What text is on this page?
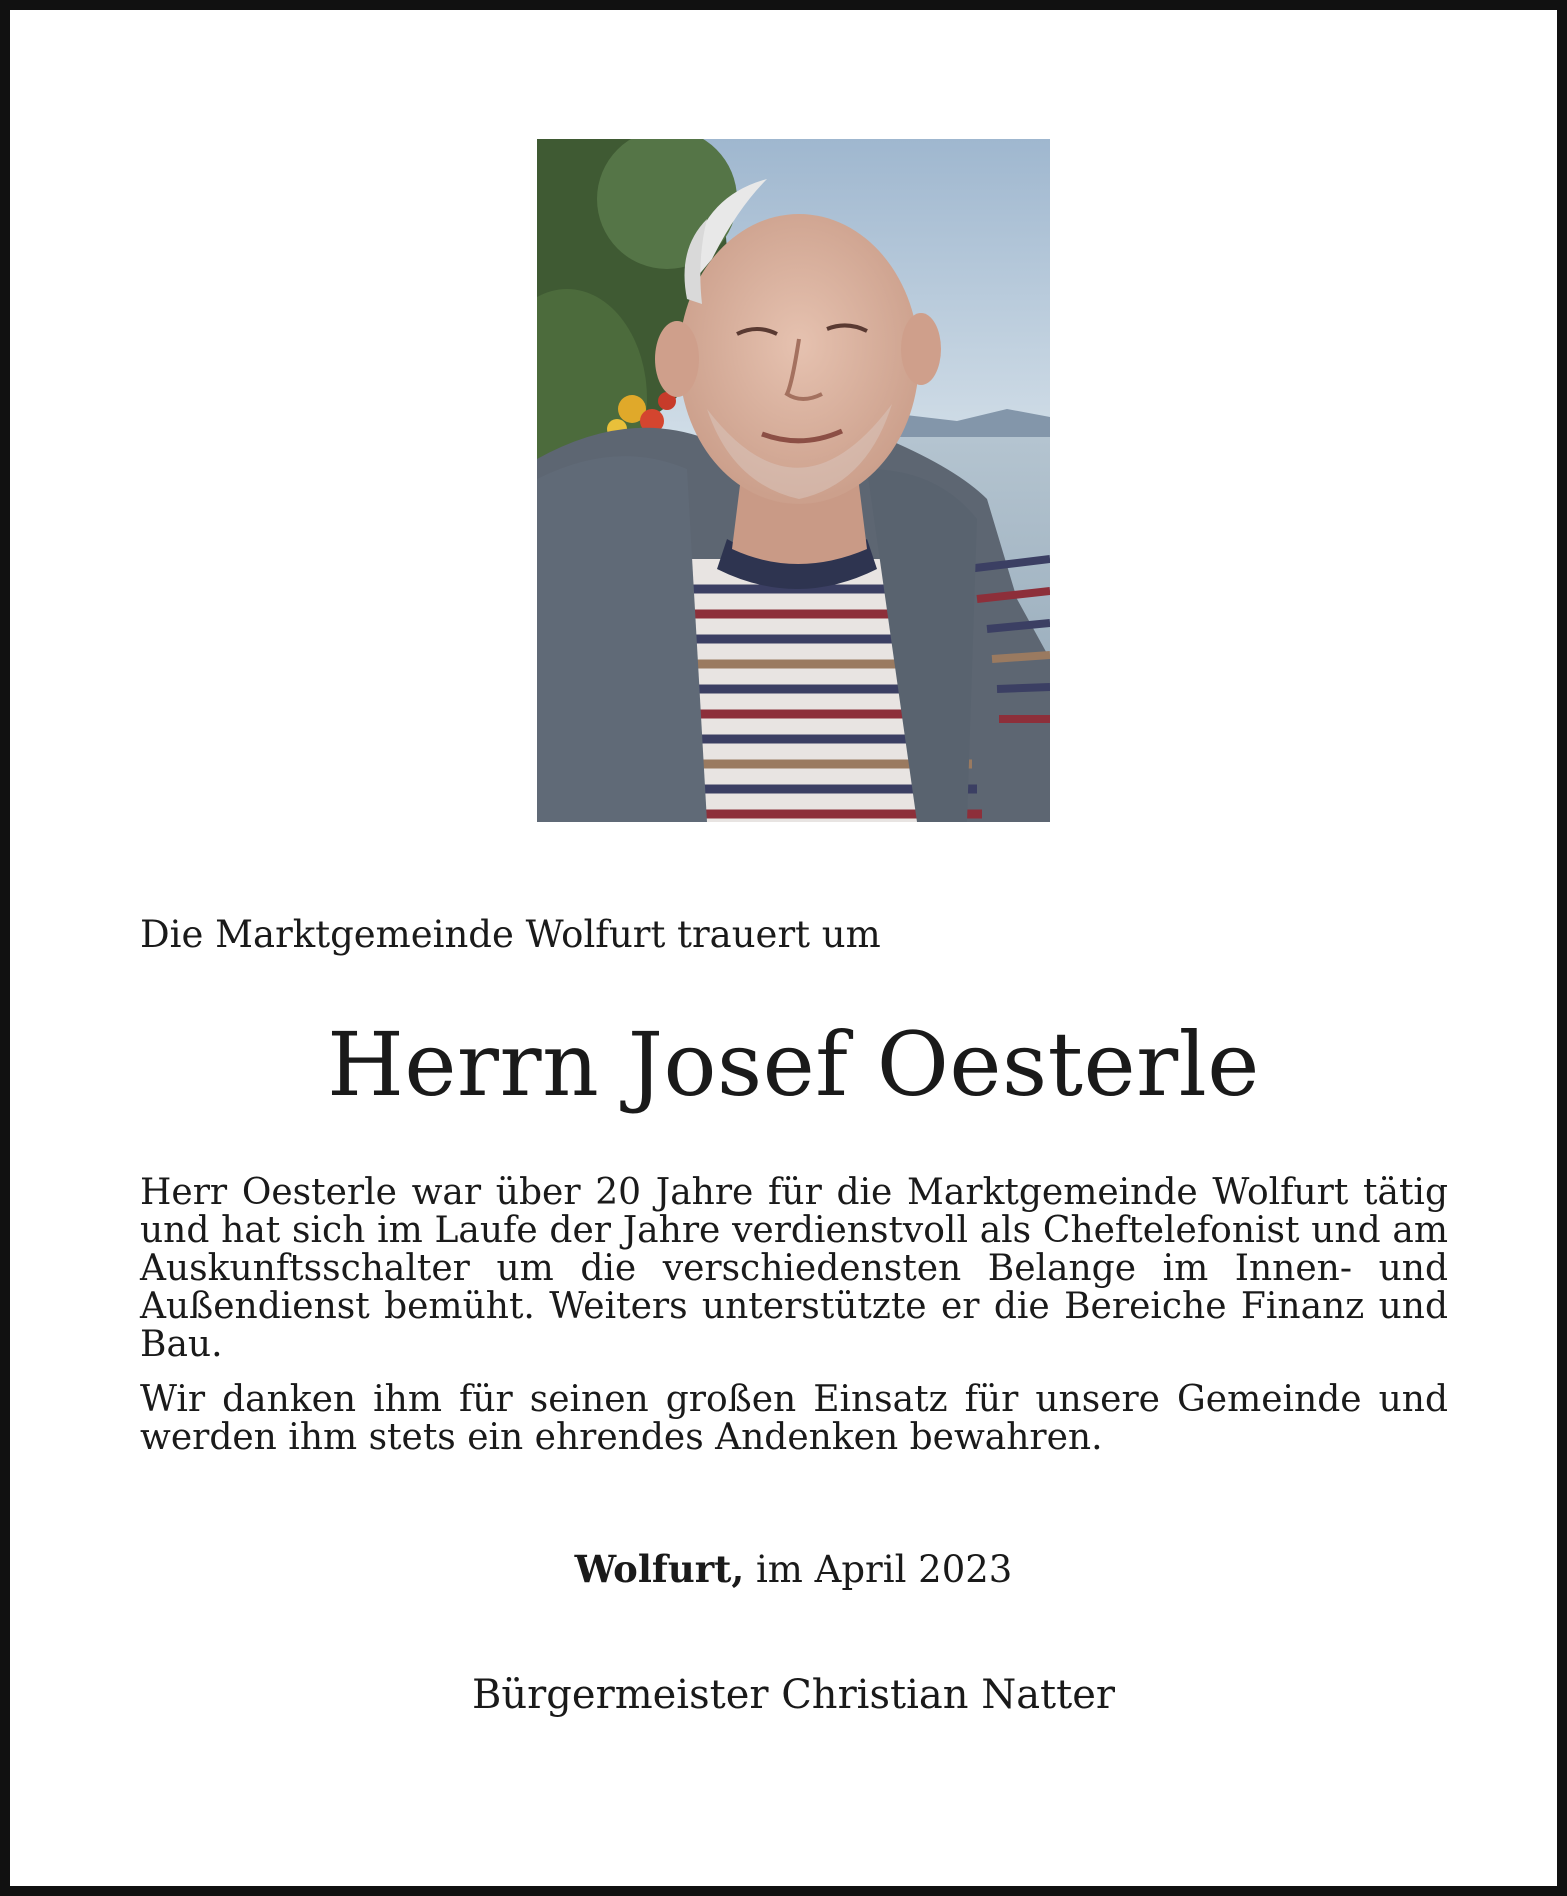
Die Marktgemeinde Wolfurt trauert um
Herrn Josef Oesterle
Herr Oesterle war über 20 Jahre für die Marktgemeinde Wolfurt tätig und hat sich im Laufe der Jahre verdienstvoll als Cheftelefonist und am Auskunftsschalter um die verschiedensten Belange im Innen- und Außendienst bemüht. Weiters unterstützte er die Bereiche Finanz und Bau.
Wir danken ihm für seinen großen Einsatz für unsere Gemeinde und werden ihm stets ein ehrendes Andenken bewahren.
Wolfurt, im April 2023
Bürgermeister Christian Natter
